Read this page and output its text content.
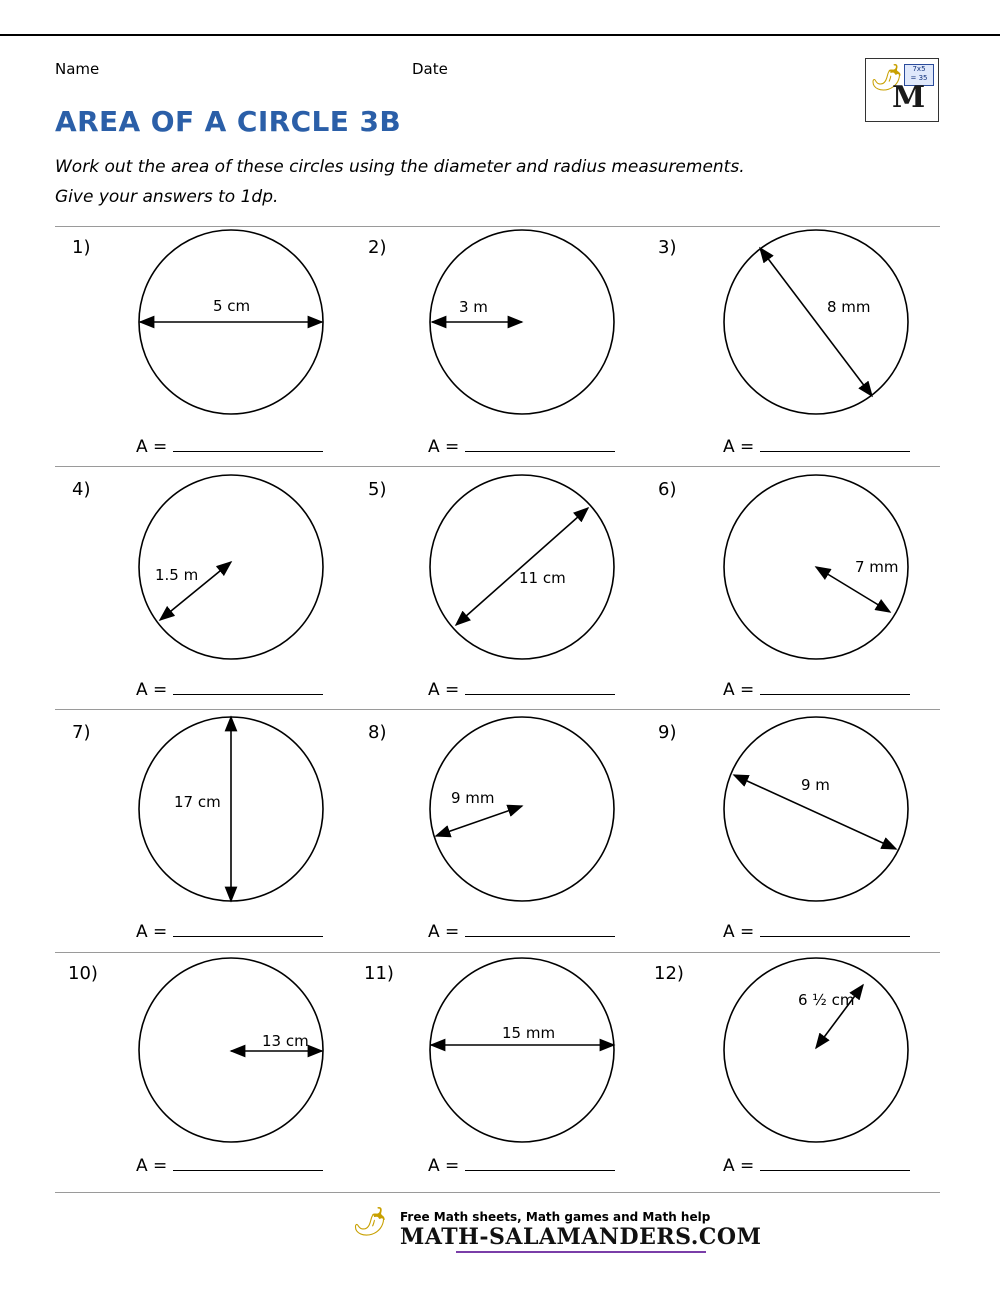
Name	Date	🌶	7x5
= 35
M
AREA OF A CIRCLE 3B
Work out the area of these circles using the diameter and radius measurements.
Give your answers to 1dp.
1)
5 cm
A =
2)
3 m
A =
3)
8 mm
A =
4)
1.5 m
A =
5)
11 cm
A =
6)
7 mm
A =
7)
17 cm
A =
8)
9 mm
A =
9)
9 m
A =
10)
13 cm
A =
11)
15 mm
A =
12)
6 ½ cm
A =
🌶	Free Math sheets, Math games and Math help
MATH-SALAMANDERS.COM
